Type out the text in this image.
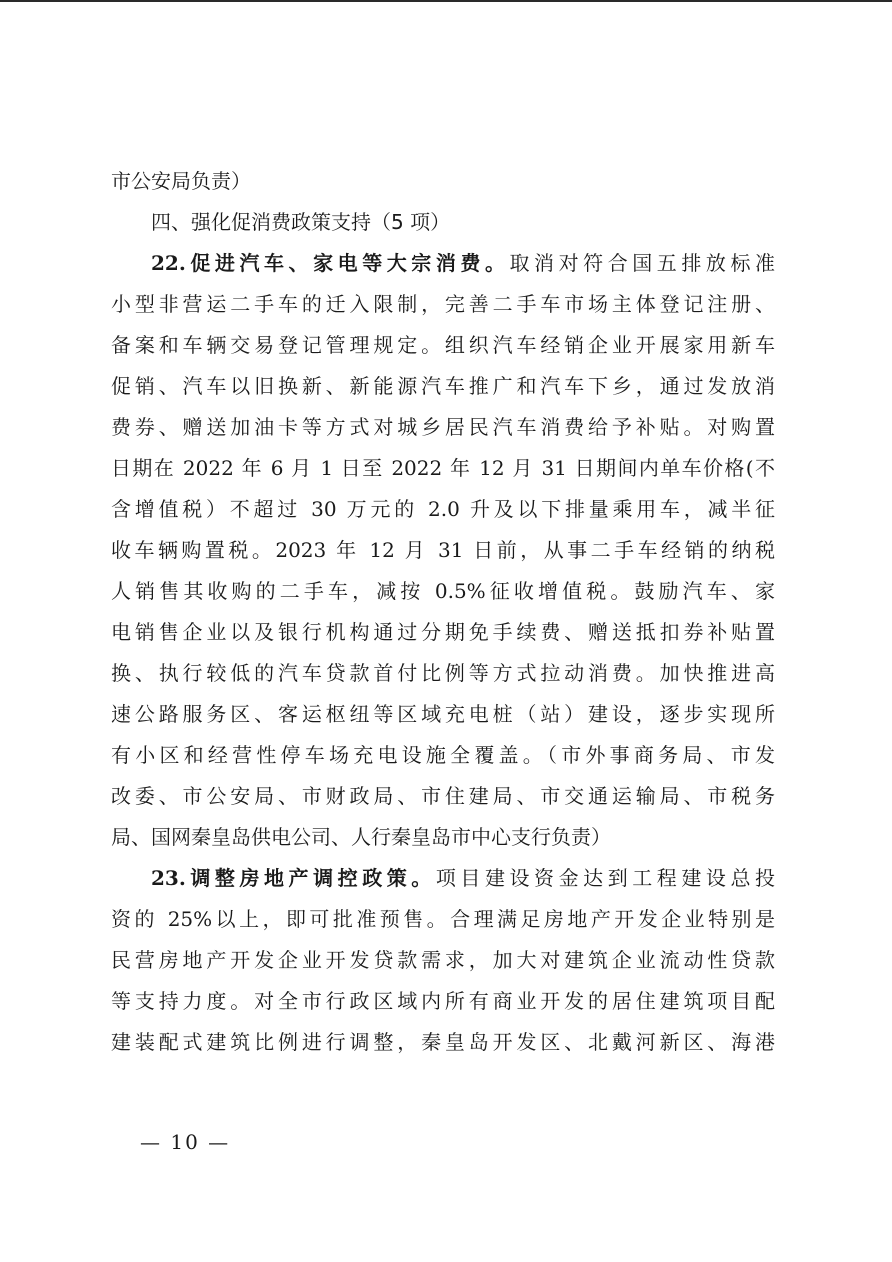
市公安局负责）
四、强化促消费政策支持（5 项）
22.促进汽车、家电等大宗消费。取消对符合国五排放标准
小型非营运二手车的迁入限制，完善二手车市场主体登记注册、
备案和车辆交易登记管理规定。组织汽车经销企业开展家用新车
促销、汽车以旧换新、新能源汽车推广和汽车下乡，通过发放消
费券、赠送加油卡等方式对城乡居民汽车消费给予补贴。对购置
日期在 2022 年 6 月 1 日至 2022 年 12 月 31 日期间内单车价格(不
含增值税）不超过 30 万元的 2.0 升及以下排量乘用车，减半征
收车辆购置税。2023 年 12 月 31 日前，从事二手车经销的纳税
人销售其收购的二手车，减按 0.5%征收增值税。鼓励汽车、家
电销售企业以及银行机构通过分期免手续费、赠送抵扣券补贴置
换、执行较低的汽车贷款首付比例等方式拉动消费。加快推进高
速公路服务区、客运枢纽等区域充电桩（站）建设，逐步实现所
有小区和经营性停车场充电设施全覆盖。（市外事商务局、市发
改委、市公安局、市财政局、市住建局、市交通运输局、市税务
局、国网秦皇岛供电公司、人行秦皇岛市中心支行负责）
23.调整房地产调控政策。项目建设资金达到工程建设总投
资的 25%以上，即可批准预售。合理满足房地产开发企业特别是
民营房地产开发企业开发贷款需求，加大对建筑企业流动性贷款
等支持力度。对全市行政区域内所有商业开发的居住建筑项目配
建装配式建筑比例进行调整，秦皇岛开发区、北戴河新区、海港
— 10 —
